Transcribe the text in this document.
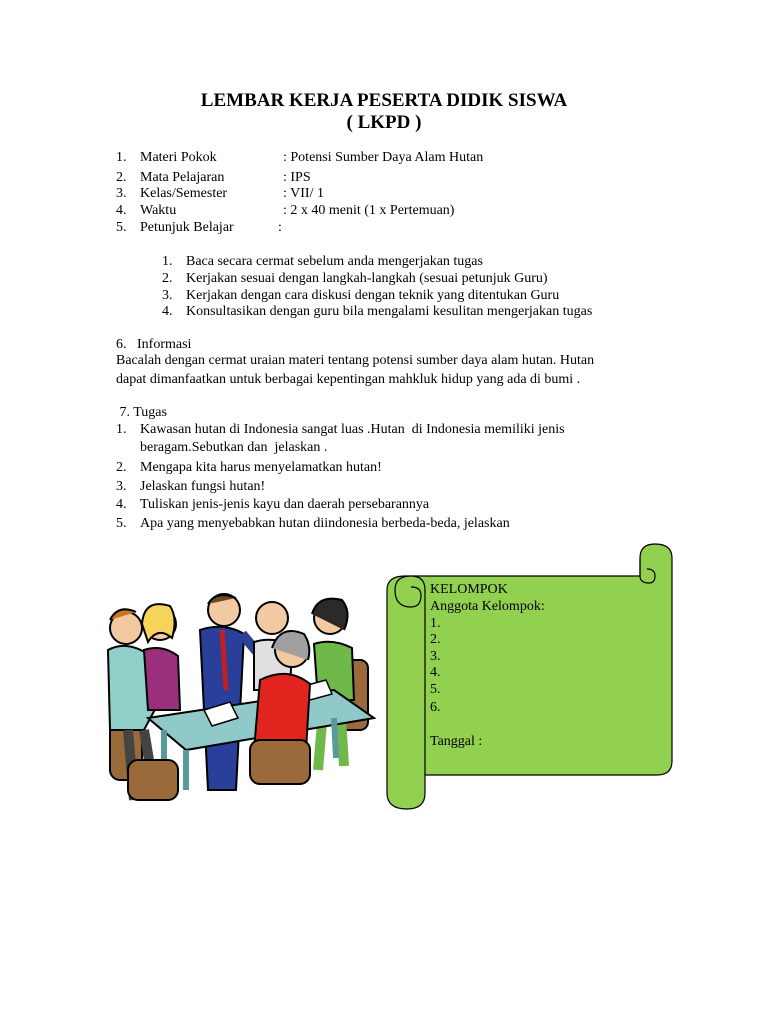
LEMBAR KERJA PESERTA DIDIK SISWA
( LKPD )
1. Materi Pokok	: Potensi Sumber Daya Alam Hutan
2. Mata Pelajaran	: IPS
3. Kelas/Semester	: VII/ 1
4. Waktu	: 2 x 40 menit (1 x Pertemuan)
5. Petunjuk Belajar	:
1. Baca secara cermat sebelum anda mengerjakan tugas
2. Kerjakan sesuai dengan langkah-langkah (sesuai petunjuk Guru)
3. Kerjakan dengan cara diskusi dengan teknik yang ditentukan Guru
4. Konsultasikan dengan guru bila mengalami kesulitan mengerjakan tugas
6.   Informasi
Bacalah dengan cermat uraian materi tentang potensi sumber daya alam hutan. Hutan
dapat dimanfaatkan untuk berbagai kepentingan mahkluk hidup yang ada di bumi .
7. Tugas
1. Kawasan hutan di Indonesia sangat luas .Hutan  di Indonesia memiliki jenis
beragam.Sebutkan dan  jelaskan .
2. Mengapa kita harus menyelamatkan hutan!
3. Jelaskan fungsi hutan!
4. Tuliskan jenis-jenis kayu dan daerah persebarannya
5. Apa yang menyebabkan hutan diindonesia berbeda-beda, jelaskan
KELOMPOK
Anggota Kelompok:
1.
2.
3.
4.
5.
6.
Tanggal :
